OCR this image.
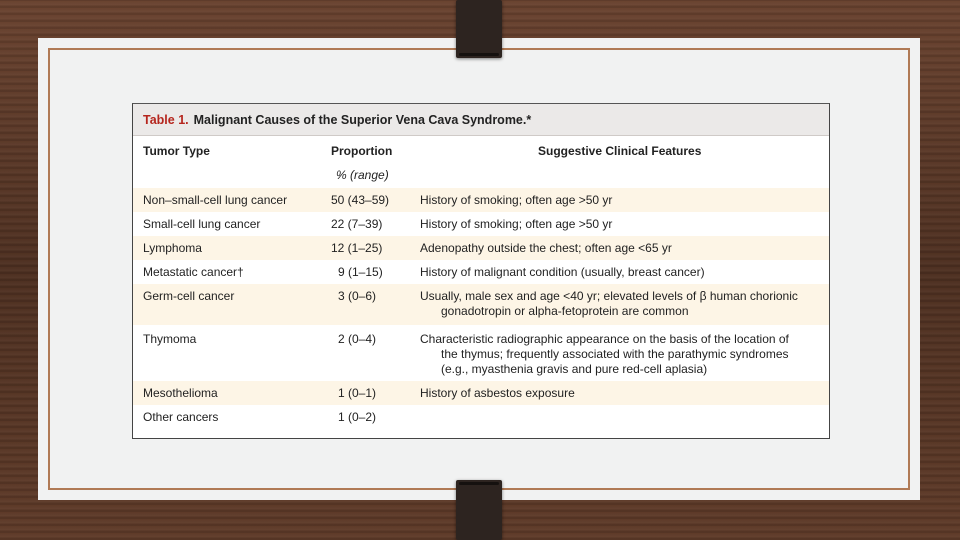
Table 1. Malignant Causes of the Superior Vena Cava Syndrome.*
Tumor Type	Proportion	Suggestive Clinical Features
% (range)
Non–small-cell lung cancer	50 (43–59)	History of smoking; often age >50 yr
Small-cell lung cancer	22 (7–39)	History of smoking; often age >50 yr
Lymphoma	12 (1–25)	Adenopathy outside the chest; often age <65 yr
Metastatic cancer†	9 (1–15)	History of malignant condition (usually, breast cancer)
Germ-cell cancer	3 (0–6)	Usually, male sex and age <40 yr; elevated levels of β human chorionic
gonadotropin or alpha-fetoprotein are common
Thymoma	2 (0–4)	Characteristic radiographic appearance on the basis of the location of
the thymus; frequently associated with the parathymic syndromes
(e.g., myasthenia gravis and pure red-cell aplasia)
Mesothelioma	1 (0–1)	History of asbestos exposure
Other cancers	1 (0–2)
